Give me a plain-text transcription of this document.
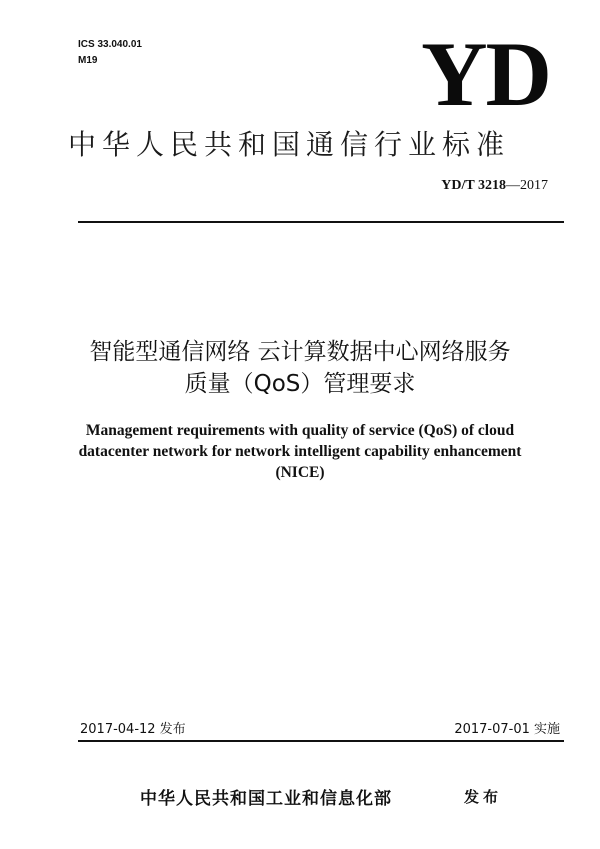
ICS 33.040.01
M19	YD
中华人民共和国通信行业标准
YD/T 3218—2017
智能型通信网络 云计算数据中心网络服务
质量（QoS）管理要求
Management requirements with quality of service (QoS) of cloud
datacenter network for network intelligent capability enhancement
(NICE)
2017-04-12 发布	2017-07-01 实施
中华人民共和国工业和信息化部	发布
